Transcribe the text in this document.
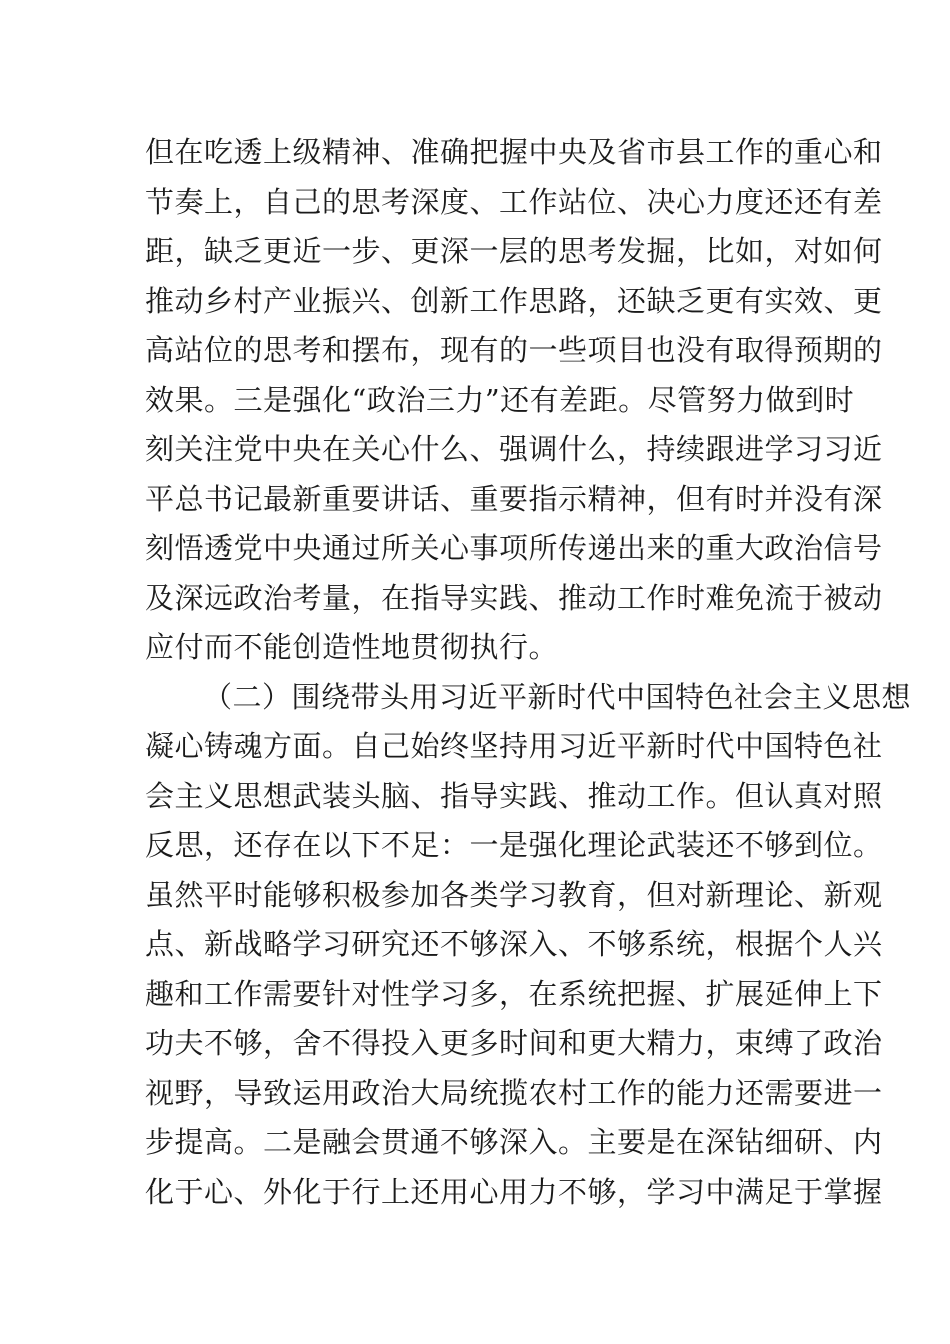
但在吃透上级精神、准确把握中央及省市县工作的重心和
节奏上，自己的思考深度、工作站位、决心力度还还有差
距，缺乏更近一步、更深一层的思考发掘，比如，对如何
推动乡村产业振兴、创新工作思路，还缺乏更有实效、更
高站位的思考和摆布，现有的一些项目也没有取得预期的
效果。三是强化“政治三力”还有差距。尽管努力做到时
刻关注党中央在关心什么、强调什么，持续跟进学习习近
平总书记最新重要讲话、重要指示精神，但有时并没有深
刻悟透党中央通过所关心事项所传递出来的重大政治信号
及深远政治考量，在指导实践、推动工作时难免流于被动
应付而不能创造性地贯彻执行。
（二）围绕带头用习近平新时代中国特色社会主义思想
凝心铸魂方面。自己始终坚持用习近平新时代中国特色社
会主义思想武装头脑、指导实践、推动工作。但认真对照
反思，还存在以下不足：一是强化理论武装还不够到位。
虽然平时能够积极参加各类学习教育，但对新理论、新观
点、新战略学习研究还不够深入、不够系统，根据个人兴
趣和工作需要针对性学习多，在系统把握、扩展延伸上下
功夫不够，舍不得投入更多时间和更大精力，束缚了政治
视野，导致运用政治大局统揽农村工作的能力还需要进一
步提高。二是融会贯通不够深入。主要是在深钻细研、内
化于心、外化于行上还用心用力不够，学习中满足于掌握
